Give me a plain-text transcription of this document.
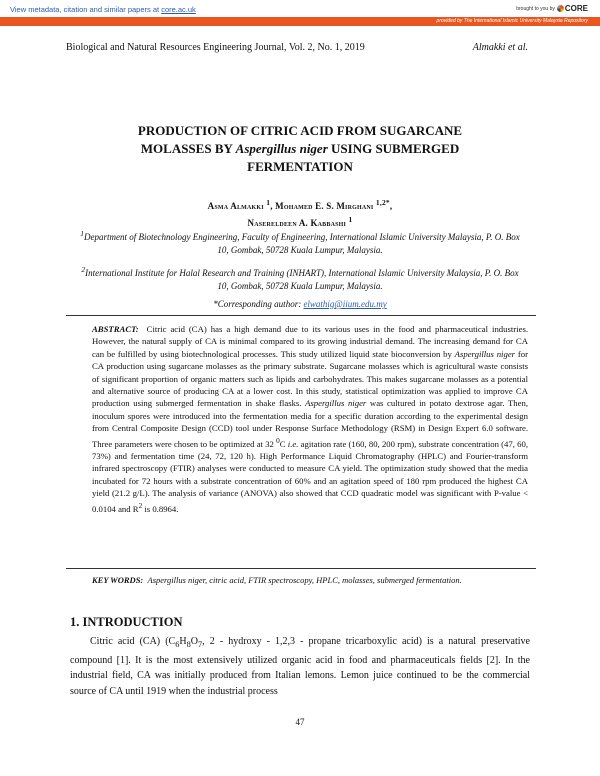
View metadata, citation and similar papers at core.ac.uk	brought to you by CORE
provided by The International Islamic University Malaysia Repository
Biological and Natural Resources Engineering Journal, Vol. 2, No. 1, 2019	Almakki et al.
PRODUCTION OF CITRIC ACID FROM SUGARCANE
MOLASSES BY Aspergillus niger USING SUBMERGED
FERMENTATION
Asma Almakki $^1$, Mohamed E. S. Mirghani $^{1,2*}$,
Nasereldeen A. Kabbashi $^1$
$^1$Department of Biotechnology Engineering, Faculty of Engineering, International Islamic University Malaysia, P. O. Box 10, Gombak, 50728 Kuala Lumpur, Malaysia.
$^2$International Institute for Halal Research and Training (INHART), International Islamic University Malaysia, P. O. Box 10, Gombak, 50728 Kuala Lumpur, Malaysia.
*Corresponding author: elwathig@iium.edu.my
ABSTRACT: Citric acid (CA) has a high demand due to its various uses in the food and pharmaceutical industries. However, the natural supply of CA is minimal compared to its growing industrial demand. The increasing demand for CA can be fulfilled by using biotechnological processes. This study utilized liquid state bioconversion by Aspergillus niger for CA production using sugarcane molasses as the primary substrate. Sugarcane molasses which is agricultural waste consists of significant proportion of organic matters such as lipids and carbohydrates. This makes sugarcane molasses as a potential and alternative source of producing CA at a lower cost. In this study, statistical optimization was applied to improve CA production using submerged fermentation in shake flasks. Aspergillus niger was cultured in potato dextrose agar. Then, inoculum spores were introduced into the fermentation media for a specific duration according to the experimental design from Central Composite Design (CCD) tool under Response Surface Methodology (RSM) in Design Expert 6.0 software. Three parameters were chosen to be optimized at 32 $^0$C i.e. agitation rate (160, 80, 200 rpm), substrate concentration (47, 60, 73%) and fermentation time (24, 72, 120 h). High Performance Liquid Chromatography (HPLC) and Fourier-transform infrared spectroscopy (FTIR) analyses were conducted to measure CA yield. The optimization study showed that the media incubated for 72 hours with a substrate concentration of 60% and an agitation speed of 180 rpm produced the highest CA yield (21.2 g/L). The analysis of variance (ANOVA) also showed that CCD quadratic model was significant with P-value < 0.0104 and $R^2$ is 0.8964.
KEY WORDS: Aspergillus niger, citric acid, FTIR spectroscopy, HPLC, molasses, submerged fermentation.
1. INTRODUCTION
Citric acid (CA) ($C_6H_8O_7$, 2 - hydroxy - 1,2,3 - propane tricarboxylic acid) is a natural preservative compound [1]. It is the most extensively utilized organic acid in food and pharmaceuticals fields [2]. In the industrial field, CA was initially produced from Italian lemons. Lemon juice continued to be the commercial source of CA until 1919 when the industrial process
47
